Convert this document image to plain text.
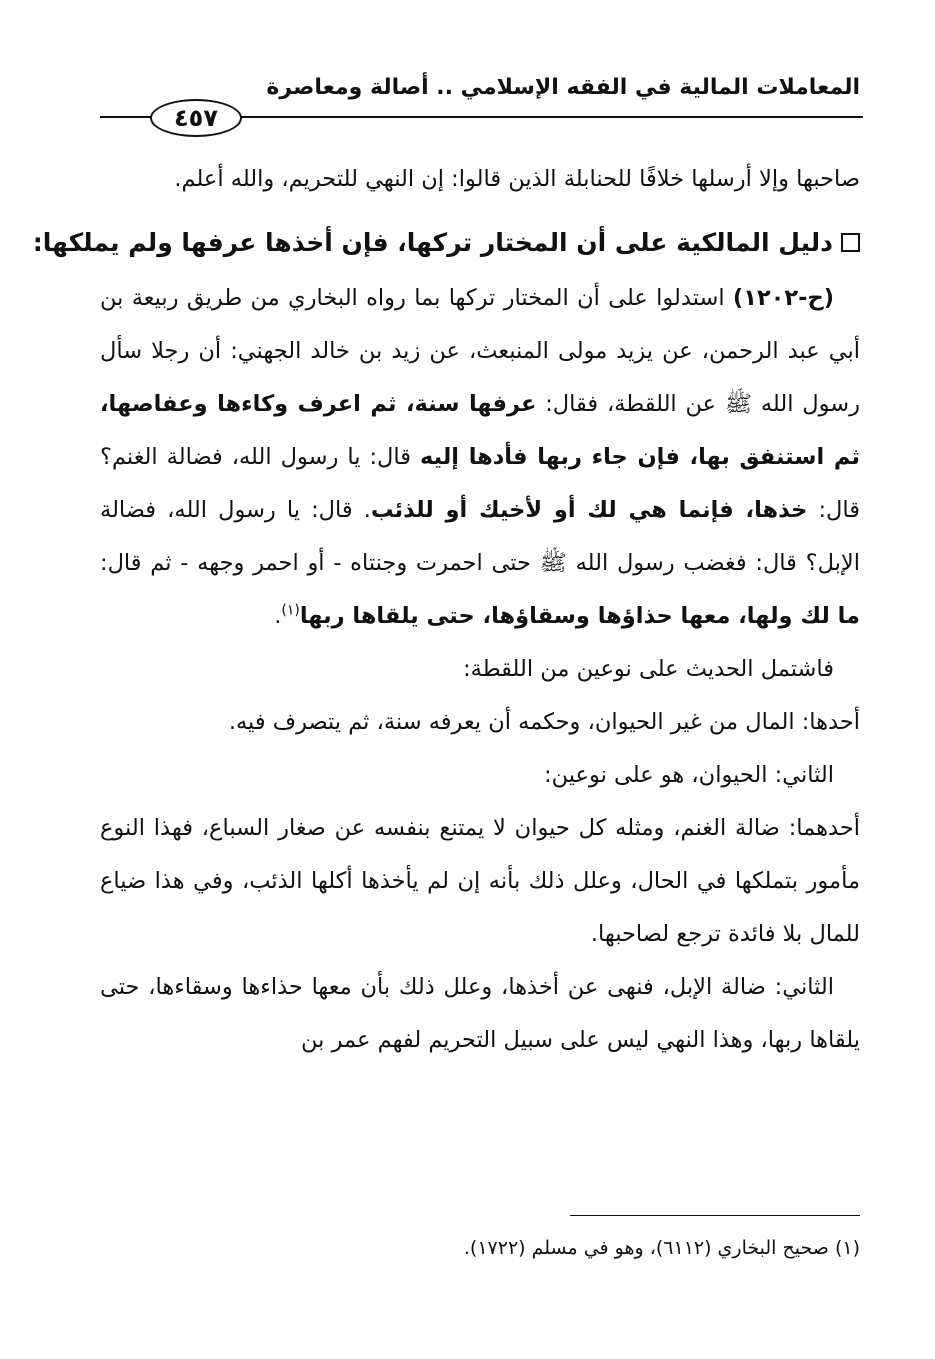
المعاملات المالية في الفقه الإسلامي .. أصالة ومعاصرة
٤٥٧

صاحبها وإلا أرسلها خلافًا للحنابلة الذين قالوا: إن النهي للتحريم، والله أعلم.

دليل المالكية على أن المختار تركها، فإن أخذها عرفها ولم يملكها:

(ح-١٢٠٢) استدلوا على أن المختار تركها بما رواه البخاري من طريق ربيعة بن أبي عبد الرحمن، عن يزيد مولى المنبعث، عن زيد بن خالد الجهني: أن رجلا سأل رسول الله ﷺ عن اللقطة، فقال: عرفها سنة، ثم اعرف وكاءها وعفاصها، ثم استنفق بها، فإن جاء ربها فأدها إليه قال: يا رسول الله، فضالة الغنم؟ قال: خذها، فإنما هي لك أو لأخيك أو للذئب. قال: يا رسول الله، فضالة الإبل؟ قال: فغضب رسول الله ﷺ حتى احمرت وجنتاه - أو احمر وجهه - ثم قال: ما لك ولها، معها حذاؤها وسقاؤها، حتى يلقاها ربها$^{(١)}$.

فاشتمل الحديث على نوعين من اللقطة:

أحدها: المال من غير الحيوان، وحكمه أن يعرفه سنة، ثم يتصرف فيه.

الثاني: الحيوان، هو على نوعين:

أحدهما: ضالة الغنم، ومثله كل حيوان لا يمتنع بنفسه عن صغار السباع، فهذا النوع مأمور بتملكها في الحال، وعلل ذلك بأنه إن لم يأخذها أكلها الذئب، وفي هذا ضياع للمال بلا فائدة ترجع لصاحبها.

الثاني: ضالة الإبل، فنهى عن أخذها، وعلل ذلك بأن معها حذاءها وسقاءها، حتى يلقاها ربها، وهذا النهي ليس على سبيل التحريم لفهم عمر بن

(١) صحيح البخاري (٦١١٢)، وهو في مسلم (١٧٢٢).
